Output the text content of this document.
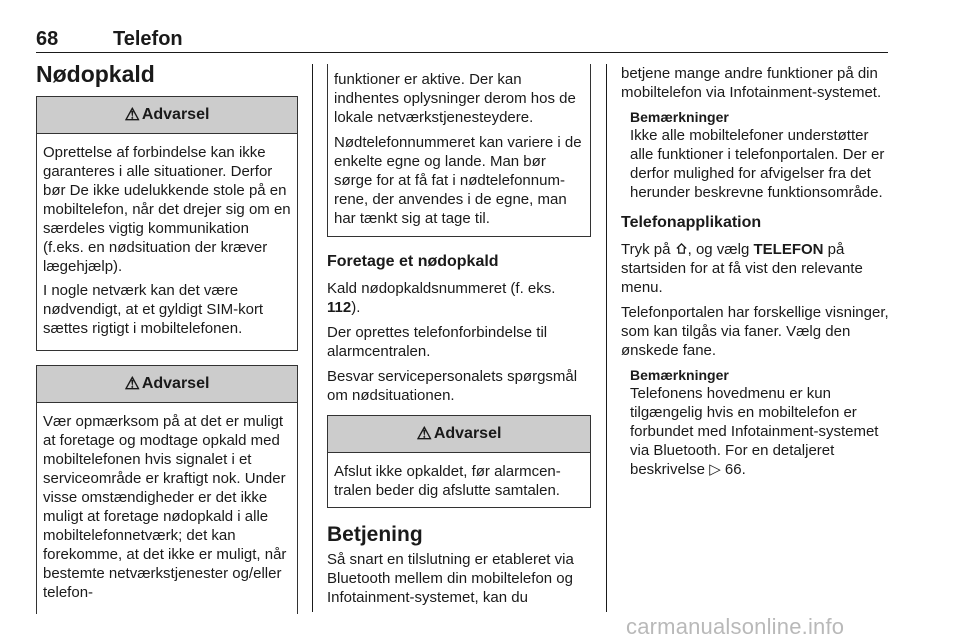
68	Telefon
Nødopkald
⚠ Advarsel

Oprettelse af forbindelse kan ikke garanteres i alle situationer. Derfor bør De ikke udelukkende stole på en mobiltelefon, når det drejer sig om en særdeles vigtig kommunikation (f.eks. en nødsituation der kræver lægehjælp).

I nogle netværk kan det være nødvendigt, at et gyldigt SIM-kort sættes rigtigt i mobiltelefonen.

⚠ Advarsel

Vær opmærksom på at det er muligt at foretage og modtage opkald med mobiltelefonen hvis signalet i et serviceområde er kraftigt nok. Under visse omstændigheder er det ikke muligt at foretage nødopkald i alle mobiltelefonnetværk; det kan forekomme, at det ikke er muligt, når bestemte netværkstjenester og/eller telefon-

funktioner er aktive. Der kan indhentes oplysninger derom hos de lokale netværkstjenesteydere.

Nødtelefonnummeret kan variere i de enkelte egne og lande. Man bør sørge for at få fat i nødtelefonnumrene, der anvendes i de egne, man har tænkt sig at tage til.

Foretage et nødopkald

Kald nødopkaldsnummeret (f. eks. 112).

Der oprettes telefonforbindelse til alarmcentralen.

Besvar servicepersonalets spørgsmål om nødsituationen.

⚠ Advarsel

Afslut ikke opkaldet, før alarmcentralen beder dig afslutte samtalen.

Betjening

Så snart en tilslutning er etableret via Bluetooth mellem din mobiltelefon og Infotainment-systemet, kan du

betjene mange andre funktioner på din mobiltelefon via Infotainment-systemet.

Bemærkninger

Ikke alle mobiltelefoner understøtter alle funktioner i telefonportalen. Der er derfor mulighed for afvigelser fra det herunder beskrevne funktionsområde.

Telefonapplikation

Tryk på , og vælg TELEFON på startsiden for at få vist den relevante menu.

Telefonportalen har forskellige visninger, som kan tilgås via faner. Vælg den ønskede fane.

Bemærkninger

Telefonens hovedmenu er kun tilgængelig hvis en mobiltelefon er forbundet med Infotainment-systemet via Bluetooth. For en detaljeret beskrivelse ▷ 66.

carmanualsonline.info
